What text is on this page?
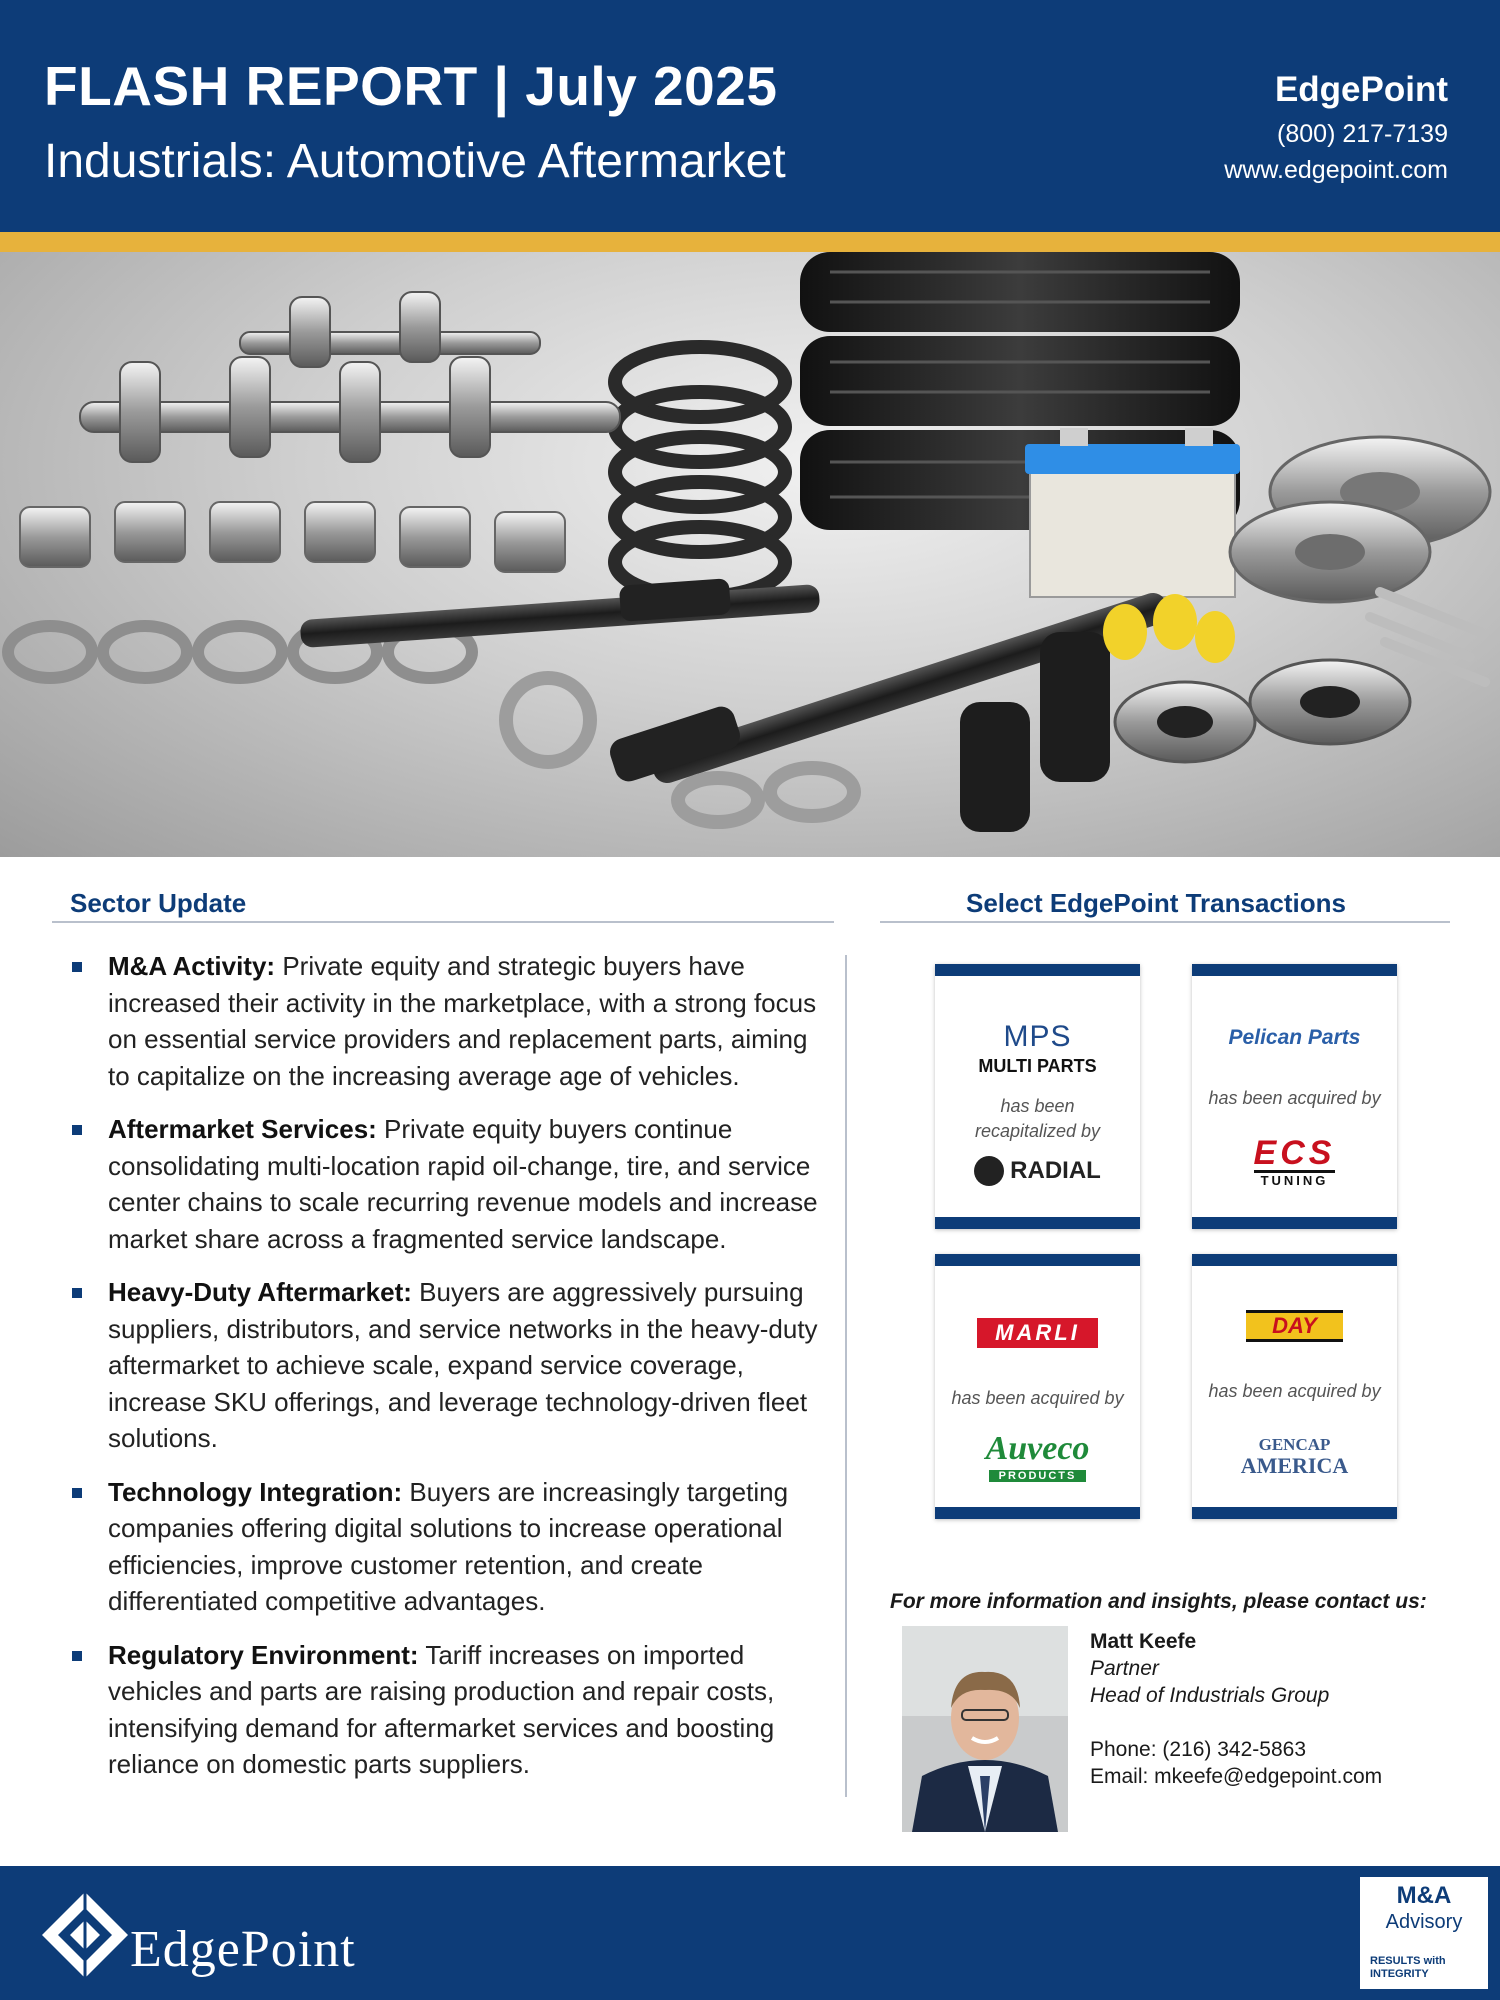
FLASH REPORT | July 2025
Industrials: Automotive Aftermarket
EdgePoint
(800) 217-7139
www.edgepoint.com
Sector Update
M&A Activity: Private equity and strategic buyers have increased their activity in the marketplace, with a strong focus on essential service providers and replacement parts, aiming to capitalize on the increasing average age of vehicles.
Aftermarket Services: Private equity buyers continue consolidating multi-location rapid oil-change, tire, and service center chains to scale recurring revenue models and increase market share across a fragmented service landscape.
Heavy-Duty Aftermarket: Buyers are aggressively pursuing suppliers, distributors, and service networks in the heavy-duty aftermarket to achieve scale, expand service coverage, increase SKU offerings, and leverage technology-driven fleet solutions.
Technology Integration: Buyers are increasingly targeting companies offering digital solutions to increase operational efficiencies, improve customer retention, and create differentiated competitive advantages.
Regulatory Environment: Tariff increases on imported vehicles and parts are raising production and repair costs, intensifying demand for aftermarket services and boosting reliance on domestic parts suppliers.
Select EdgePoint Transactions
MPS
MULTI PARTS
has been recapitalized by
RADIAL
Pelican Parts
has been acquired by
ECS
TUNING
MARLI
has been acquired by
Auveco
PRODUCTS
DAY
has been acquired by
GENCAP
AMERICA
For more information and insights, please contact us:
Matt Keefe
Partner
Head of Industrials Group
Phone: (216) 342-5863
Email: mkeefe@edgepoint.com
EdgePoint
M&A
Advisory
RESULTS with
INTEGRITY
